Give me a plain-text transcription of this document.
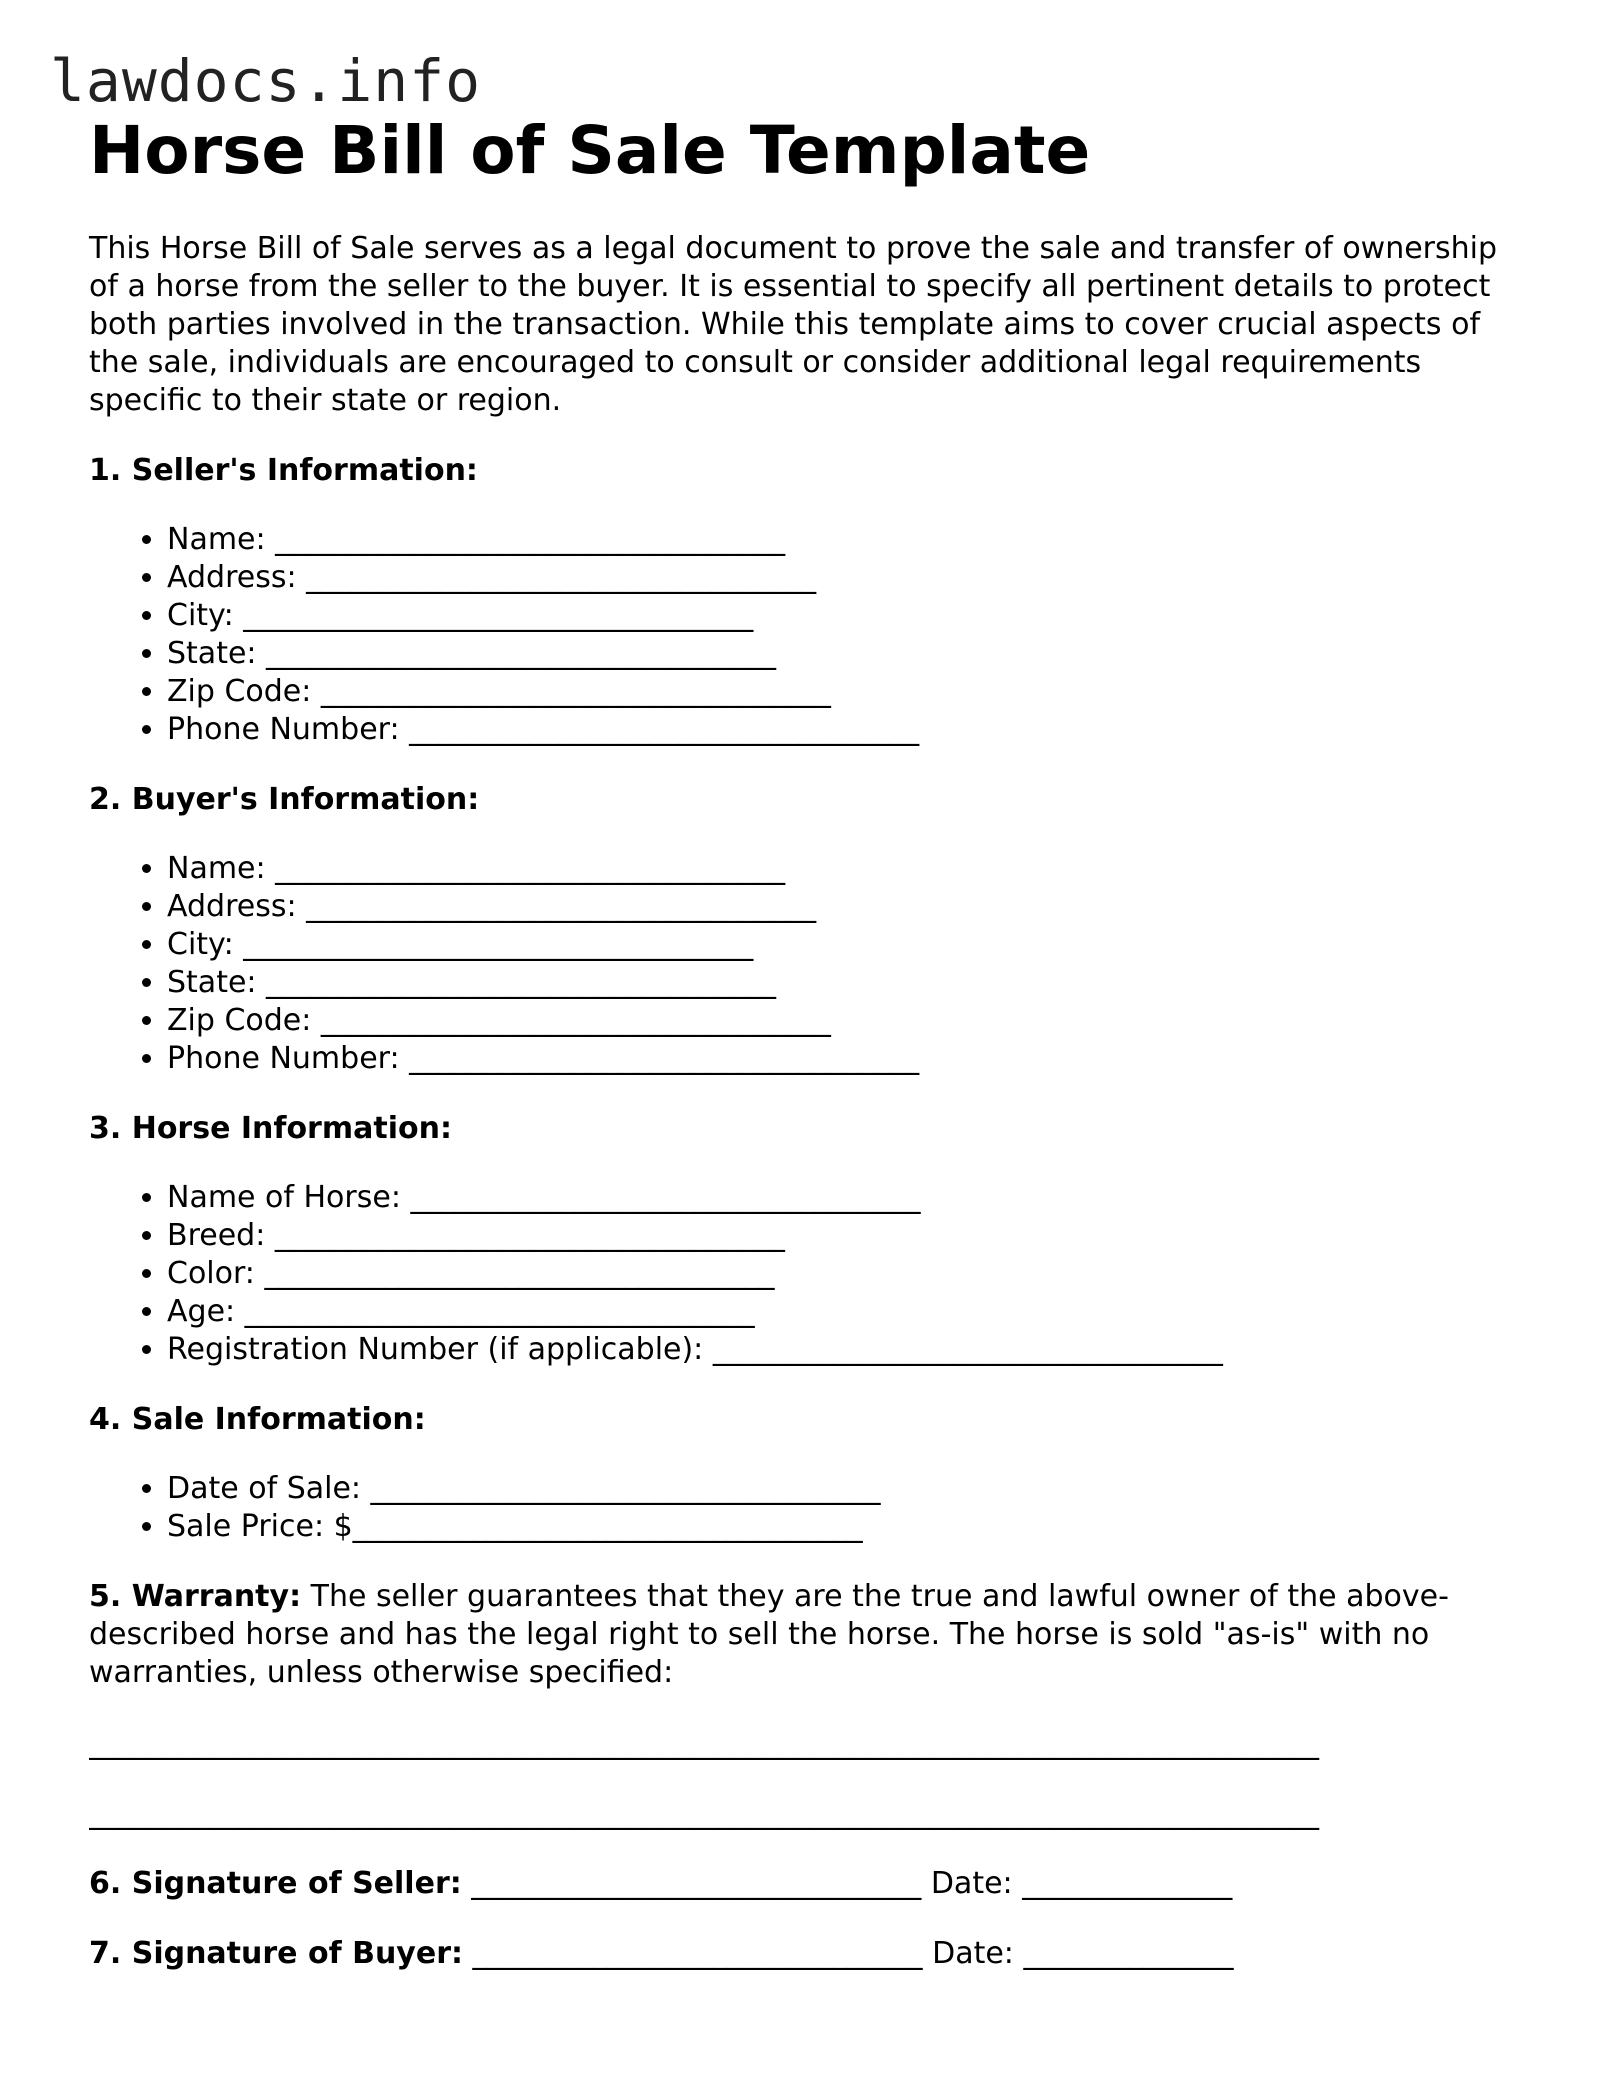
lawdocs.info
Horse Bill of Sale Template

This Horse Bill of Sale serves as a legal document to prove the sale and transfer of ownership of a horse from the seller to the buyer. It is essential to specify all pertinent details to protect both parties involved in the transaction. While this template aims to cover crucial aspects of the sale, individuals are encouraged to consult or consider additional legal requirements specific to their state or region.

1. Seller's Information:
• Name: __________________________________
• Address: __________________________________
• City: __________________________________
• State: __________________________________
• Zip Code: __________________________________
• Phone Number: __________________________________
2. Buyer's Information:
• Name: __________________________________
• Address: __________________________________
• City: __________________________________
• State: __________________________________
• Zip Code: __________________________________
• Phone Number: __________________________________
3. Horse Information:
• Name of Horse: __________________________________
• Breed: __________________________________
• Color: __________________________________
• Age: __________________________________
• Registration Number (if applicable): __________________________________
4. Sale Information:
• Date of Sale: __________________________________
• Sale Price: $__________________________________

5. Warranty: The seller guarantees that they are the true and lawful owner of the above-described horse and has the legal right to sell the horse. The horse is sold "as-is" with no warranties, unless otherwise specified:

__________________________________________________________________________________
__________________________________________________________________________________
6. Signature of Seller: ______________________________ Date: ______________
7. Signature of Buyer: ______________________________ Date: ______________
